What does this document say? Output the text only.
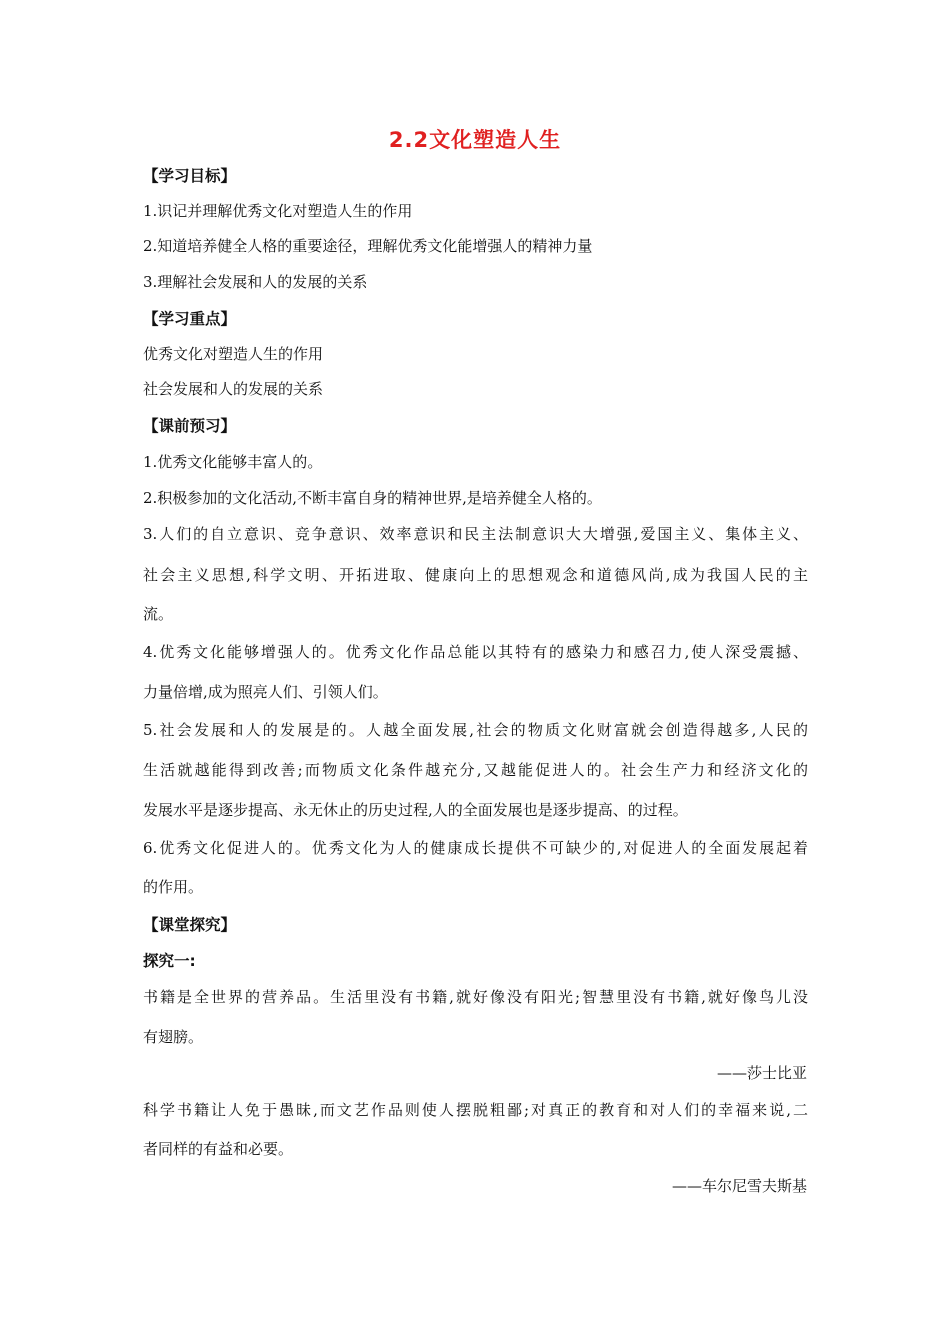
2.2文化塑造人生
【学习目标】
1.识记并理解优秀文化对塑造人生的作用
2.知道培养健全人格的重要途径，理解优秀文化能增强人的精神力量
3.理解社会发展和人的发展的关系
【学习重点】
优秀文化对塑造人生的作用
社会发展和人的发展的关系
【课前预习】
1.优秀文化能够丰富人的。
2.积极参加的文化活动,不断丰富自身的精神世界,是培养健全人格的。
3.人们的自立意识、竞争意识、效率意识和民主法制意识大大增强,爱国主义、集体主义、
社会主义思想,科学文明、开拓进取、健康向上的思想观念和道德风尚,成为我国人民的主
流。
4.优秀文化能够增强人的。优秀文化作品总能以其特有的感染力和感召力,使人深受震撼、
力量倍增,成为照亮人们、引领人们。
5.社会发展和人的发展是的。人越全面发展,社会的物质文化财富就会创造得越多,人民的
生活就越能得到改善;而物质文化条件越充分,又越能促进人的。社会生产力和经济文化的
发展水平是逐步提高、永无休止的历史过程,人的全面发展也是逐步提高、的过程。
6.优秀文化促进人的。优秀文化为人的健康成长提供不可缺少的,对促进人的全面发展起着
的作用。
【课堂探究】
探究一:
书籍是全世界的营养品。生活里没有书籍,就好像没有阳光;智慧里没有书籍,就好像鸟儿没
有翅膀。
——莎士比亚
科学书籍让人免于愚昧,而文艺作品则使人摆脱粗鄙;对真正的教育和对人们的幸福来说,二
者同样的有益和必要。
——车尔尼雪夫斯基
